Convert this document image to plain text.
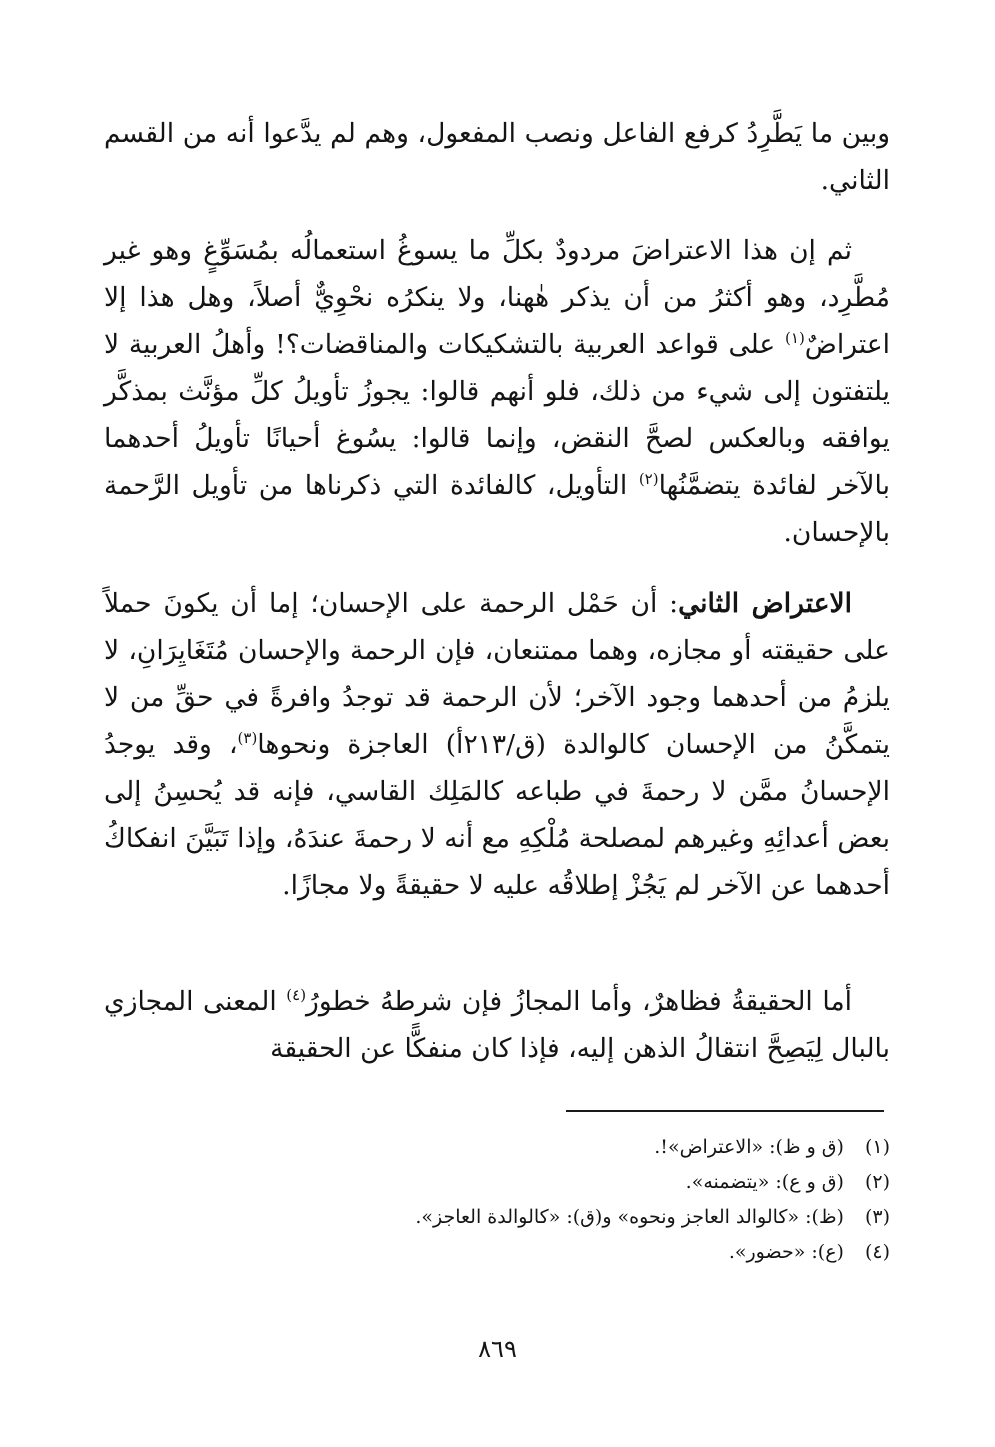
وبين ما يَطَّرِدُ كرفع الفاعل ونصب المفعول، وهم لم يدَّعوا أنه من القسم الثاني.

ثم إن هذا الاعتراضَ مردودٌ بكلِّ ما يسوغُ استعمالُه بمُسَوِّغٍ وهو غير مُطَّرِد، وهو أكثرُ من أن يذكر هٰهنا، ولا ينكرُه نحْوِيٌّ أصلاً، وهل هذا إلا اعتراضٌ$^{(١)}$ على قواعد العربية بالتشكيكات والمناقضات؟! وأهلُ العربية لا يلتفتون إلى شيء من ذلك، فلو أنهم قالوا: يجوزُ تأويلُ كلِّ مؤنَّث بمذكَّر يوافقه وبالعكس لصحَّ النقض، وإنما قالوا: يسُوغ أحيانًا تأويلُ أحدهما بالآخر لفائدة يتضمَّنُها$^{(٢)}$ التأويل، كالفائدة التي ذكرناها من تأويل الرَّحمة بالإحسان.

الاعتراض الثاني: أن حَمْل الرحمة على الإحسان؛ إما أن يكونَ حملاً على حقيقته أو مجازه، وهما ممتنعان، فإن الرحمة والإحسان مُتَغَايِرَانِ، لا يلزمُ من أحدهما وجود الآخر؛ لأن الرحمة قد توجدُ وافرةً في حقِّ من لا يتمكَّنُ من الإحسان كالوالدة (ق/٢١٣أ) العاجزة ونحوها$^{(٣)}$، وقد يوجدُ الإحسانُ ممَّن لا رحمةَ في طباعه كالمَلِك القاسي، فإنه قد يُحسِنُ إلى بعض أعدائِهِ وغيرهم لمصلحة مُلْكِهِ مع أنه لا رحمةَ عندَهُ، وإذا تَبَيَّنَ انفكاكُ أحدهما عن الآخر لم يَجُزْ إطلاقُه عليه لا حقيقةً ولا مجازًا.

أما الحقيقةُ فظاهرٌ، وأما المجازُ فإن شرطهُ خطورُ$^{(٤)}$ المعنى المجازي بالبال لِيَصِحَّ انتقالُ الذهن إليه، فإذا كان منفكًّا عن الحقيقة

(١) (ق و ظ): «الاعتراض»!.
(٢) (ق و ع): «يتضمنه».
(٣) (ظ): «كالوالد العاجز ونحوه» و(ق): «كالوالدة العاجز».
(٤) (ع): «حضور».
٨٦٩
